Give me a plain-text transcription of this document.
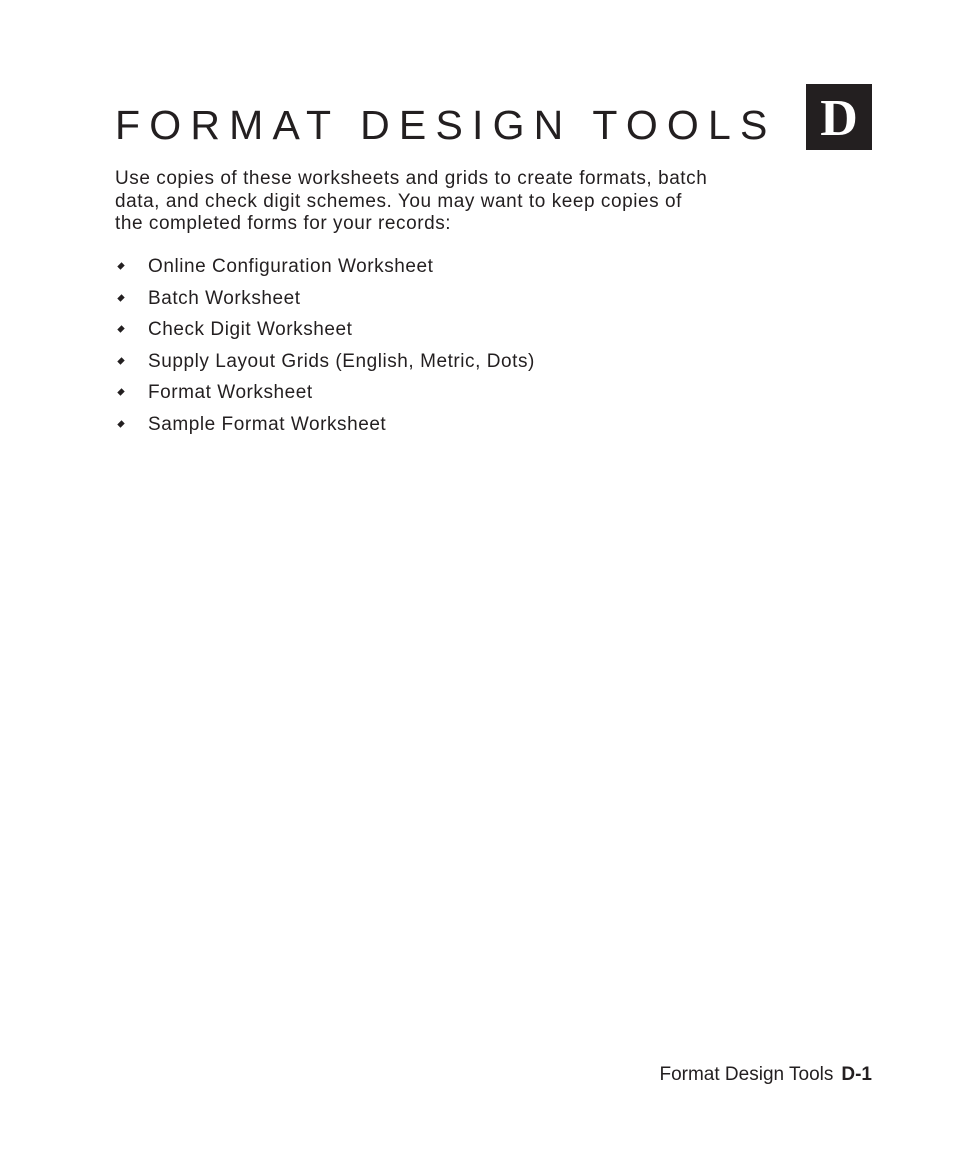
FORMAT DESIGN TOOLS D

Use copies of these worksheets and grids to create formats, batch
data, and check digit schemes. You may want to keep copies of
the completed forms for your records:

Online Configuration Worksheet
Batch Worksheet
Check Digit Worksheet
Supply Layout Grids (English, Metric, Dots)
Format Worksheet
Sample Format Worksheet
Format Design Tools D-1
